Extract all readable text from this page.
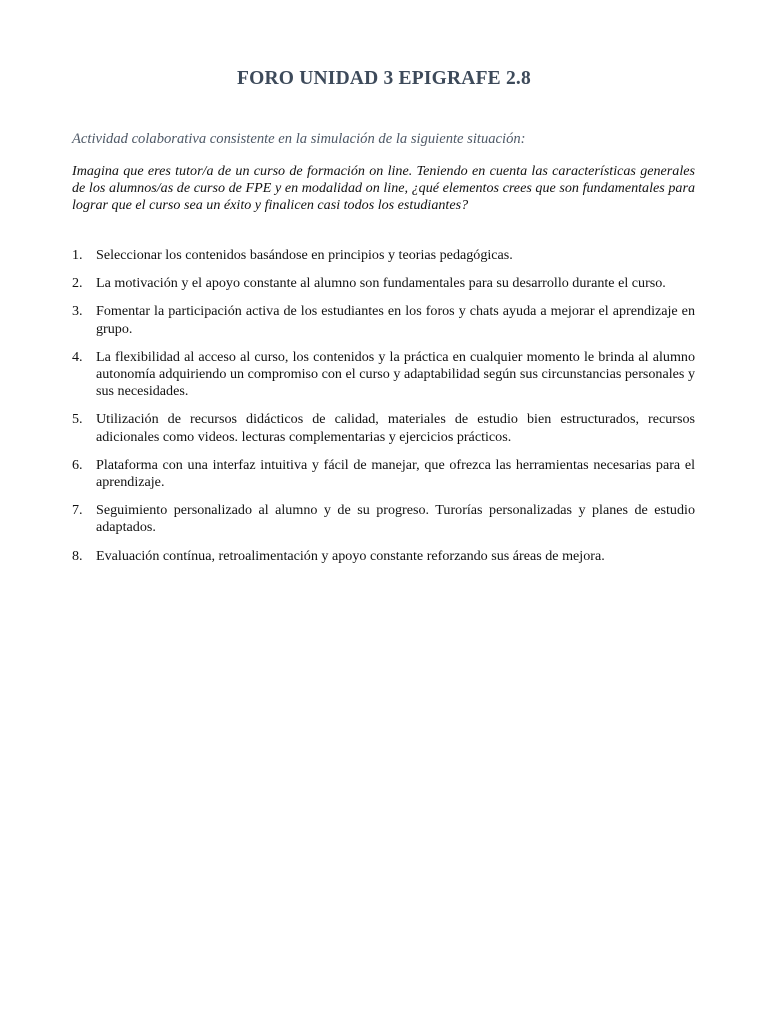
FORO UNIDAD 3 EPIGRAFE 2.8

Actividad colaborativa consistente en la simulación de la siguiente situación:

Imagina que eres tutor/a de un curso de formación on line. Teniendo en cuenta las características generales de los alumnos/as de curso de FPE y en modalidad on line, ¿qué elementos crees que son fundamentales para lograr que el curso sea un éxito y finalicen casi todos los estudiantes?

1. Seleccionar los contenidos basándose en principios y teorias pedagógicas.
2. La motivación y el apoyo constante al alumno son fundamentales para su desarrollo durante el curso.
3. Fomentar la participación activa de los estudiantes en los foros y chats ayuda a mejorar el aprendizaje en grupo.
4. La flexibilidad al acceso al curso, los contenidos y la práctica en cualquier momento le brinda al alumno autonomía adquiriendo un compromiso con el curso y adaptabilidad según sus circunstancias personales y sus necesidades.
5. Utilización de recursos didácticos de calidad, materiales de estudio bien estructurados, recursos adicionales como videos. lecturas complementarias y ejercicios prácticos.
6. Plataforma con una interfaz intuitiva y fácil de manejar, que ofrezca las herramientas necesarias para el aprendizaje.
7. Seguimiento personalizado al alumno y de su progreso. Turorías personalizadas y planes de estudio adaptados.
8. Evaluación contínua, retroalimentación y apoyo constante reforzando sus áreas de mejora.
